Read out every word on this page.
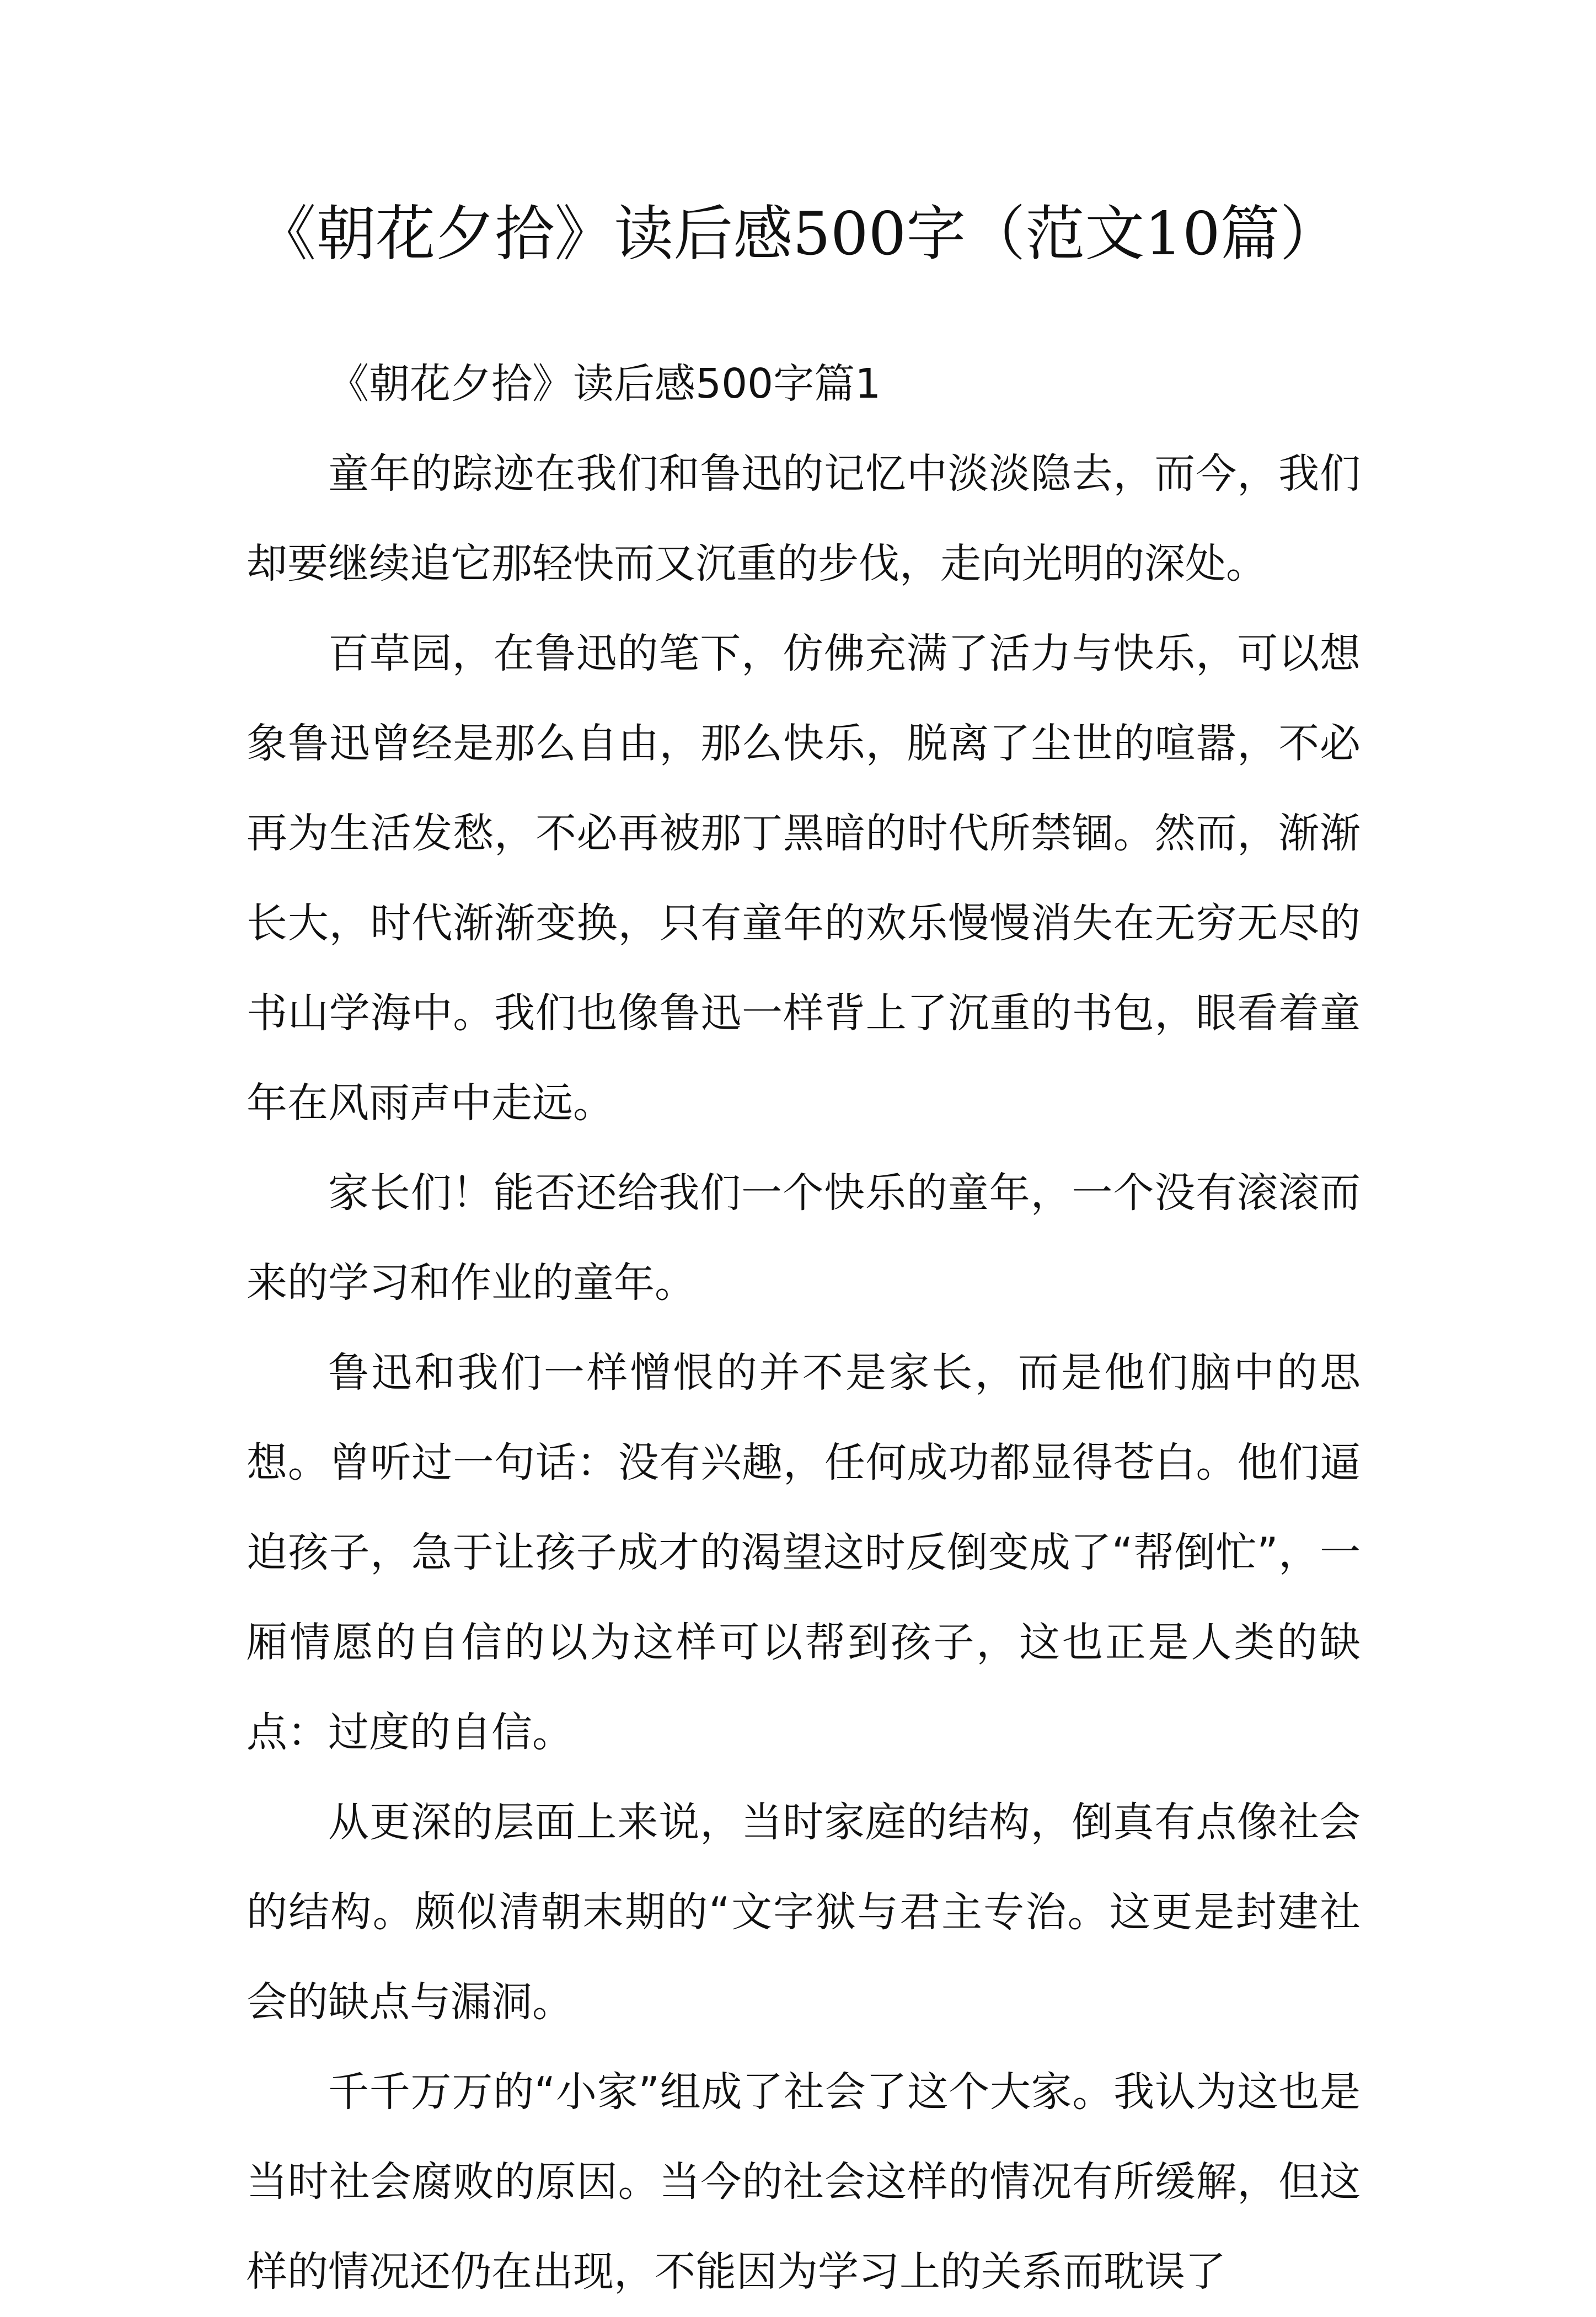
《朝花夕拾》读后感500字（范文10篇）

《朝花夕拾》读后感500字篇1

童年的踪迹在我们和鲁迅的记忆中淡淡隐去，而今，我们却要继续追它那轻快而又沉重的步伐，走向光明的深处。

百草园，在鲁迅的笔下，仿佛充满了活力与快乐，可以想象鲁迅曾经是那么自由，那么快乐，脱离了尘世的喧嚣，不必再为生活发愁，不必再被那丁黑暗的时代所禁锢。然而，渐渐长大，时代渐渐变换，只有童年的欢乐慢慢消失在无穷无尽的书山学海中。我们也像鲁迅一样背上了沉重的书包，眼看着童年在风雨声中走远。

家长们！能否还给我们一个快乐的童年，一个没有滚滚而来的学习和作业的童年。

鲁迅和我们一样憎恨的并不是家长，而是他们脑中的思想。曾听过一句话：没有兴趣，任何成功都显得苍白。他们逼迫孩子，急于让孩子成才的渴望这时反倒变成了“帮倒忙”，一厢情愿的自信的以为这样可以帮到孩子，这也正是人类的缺点：过度的自信。

从更深的层面上来说，当时家庭的结构，倒真有点像社会的结构。颇似清朝末期的“文字狱与君主专治。这更是封建社会的缺点与漏洞。

千千万万的“小家”组成了社会了这个大家。我认为这也是当时社会腐败的原因。当今的社会这样的情况有所缓解，但这样的情况还仍在出现，不能因为学习上的关系而耽误了
